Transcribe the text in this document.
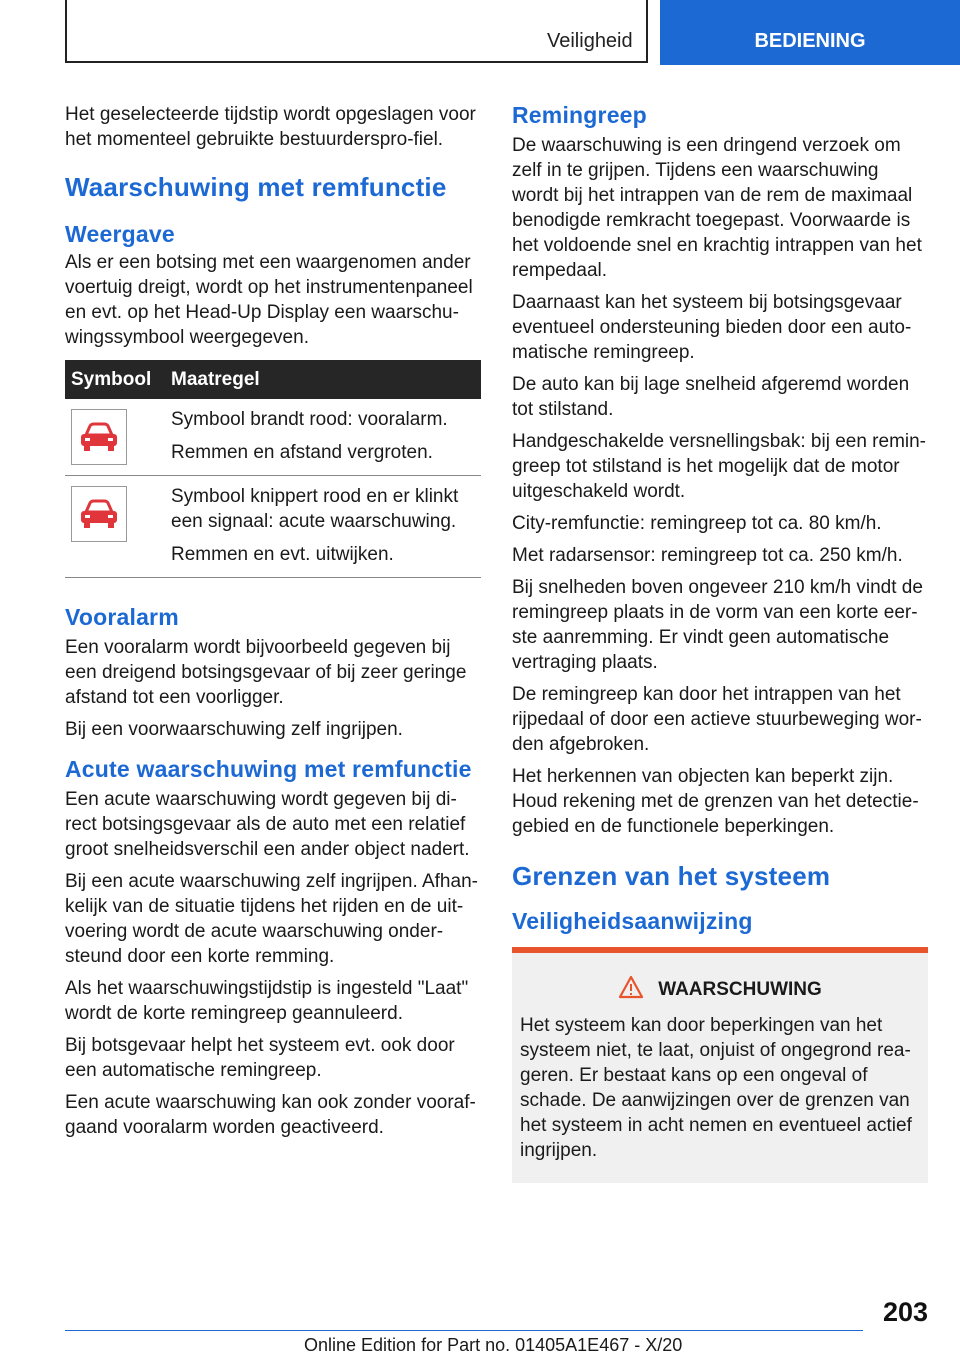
Veiligheid	BEDIENING

Het geselecteerde tijdstip wordt opgeslagen voor het momenteel gebruikte bestuurderspro-fiel.

Waarschuwing met remfunctie
Weergave

Als er een botsing met een waargenomen ander voertuig dreigt, wordt op het instrumentenpaneel en evt. op het Head-Up Display een waarschu-wingssymbool weergegeven.

Symbool	Maatregel

Symbool brandt rood: vooralarm.
Remmen en afstand vergroten.

Symbool knippert rood en er klinkt een signaal: acute waarschuwing.
Remmen en evt. uitwijken.
Vooralarm

Een vooralarm wordt bijvoorbeeld gegeven bij een dreigend botsingsgevaar of bij zeer geringe afstand tot een voorligger.

Bij een voorwaarschuwing zelf ingrijpen.

Acute waarschuwing met remfunctie

Een acute waarschuwing wordt gegeven bij di-rect botsingsgevaar als de auto met een relatief groot snelheidsverschil een ander object nadert.

Bij een acute waarschuwing zelf ingrijpen. Afhan-kelijk van de situatie tijdens het rijden en de uit-voering wordt de acute waarschuwing onder-steund door een korte remming.

Als het waarschuwingstijdstip is ingesteld "Laat" wordt de korte remingreep geannuleerd.

Bij botsgevaar helpt het systeem evt. ook door een automatische remingreep.

Een acute waarschuwing kan ook zonder vooraf-gaand vooralarm worden geactiveerd.

Remingreep

De waarschuwing is een dringend verzoek om zelf in te grijpen. Tijdens een waarschuwing wordt bij het intrappen van de rem de maximaal benodigde remkracht toegepast. Voorwaarde is het voldoende snel en krachtig intrappen van het rempedaal.

Daarnaast kan het systeem bij botsingsgevaar eventueel ondersteuning bieden door een auto-matische remingreep.

De auto kan bij lage snelheid afgeremd worden tot stilstand.

Handgeschakelde versnellingsbak: bij een remin-greep tot stilstand is het mogelijk dat de motor uitgeschakeld wordt.

City-remfunctie: remingreep tot ca. 80 km/h.

Met radarsensor: remingreep tot ca. 250 km/h.

Bij snelheden boven ongeveer 210 km/h vindt de remingreep plaats in de vorm van een korte eer-ste aanremming. Er vindt geen automatische vertraging plaats.

De remingreep kan door het intrappen van het rijpedaal of door een actieve stuurbeweging wor-den afgebroken.

Het herkennen van objecten kan beperkt zijn. Houd rekening met de grenzen van het detectie-gebied en de functionele beperkingen.

Grenzen van het systeem
Veiligheidsaanwijzing
WAARSCHUWING

Het systeem kan door beperkingen van het systeem niet, te laat, onjuist of ongegrond rea-geren. Er bestaat kans op een ongeval of schade. De aanwijzingen over de grenzen van het systeem in acht nemen en eventueel actief ingrijpen.

203
Online Edition for Part no. 01405A1E467 - X/20
